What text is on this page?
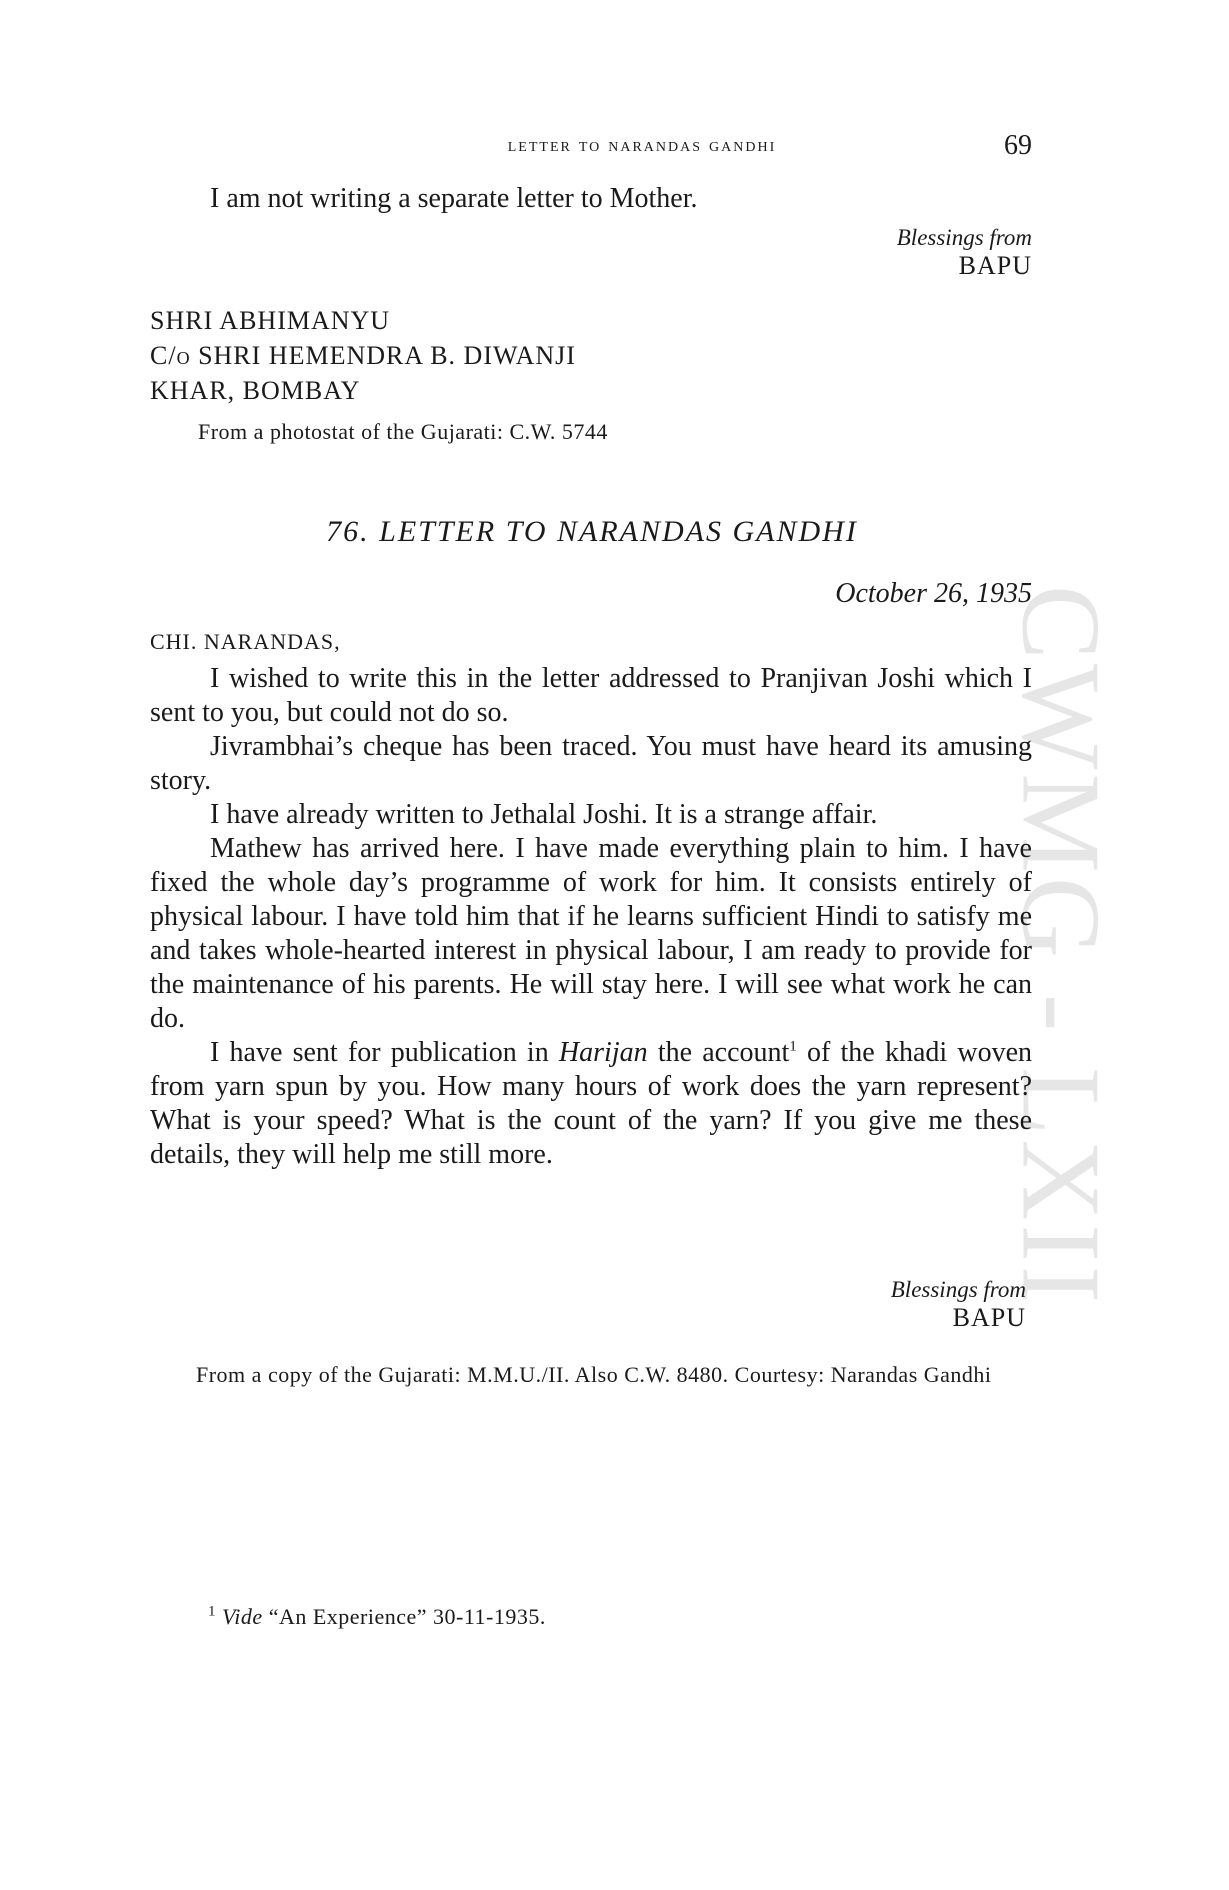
CWMG - LXII
letter to narandas gandhi	69
I am not writing a separate letter to Mother.
Blessings from
BAPU
SHRI ABHIMANYU
C/o SHRI HEMENDRA B. DIWANJI
KHAR, BOMBAY
From a photostat of the Gujarati: C.W. 5744
76. LETTER TO NARANDAS GANDHI
October 26, 1935
CHI. NARANDAS,

I wished to write this in the letter addressed to Pranjivan Joshi which I sent to you, but could not do so.

Jivrambhai’s cheque has been traced. You must have heard its amusing story.

I have already written to Jethalal Joshi. It is a strange affair.

Mathew has arrived here. I have made everything plain to him. I have fixed the whole day’s programme of work for him. It consists entirely of physical labour. I have told him that if he learns sufficient Hindi to satisfy me and takes whole-hearted interest in physical labour, I am ready to provide for the maintenance of his parents. He will stay here. I will see what work he can do.

I have sent for publication in Harijan the account$^1$ of the khadi woven from yarn spun by you. How many hours of work does the yarn represent? What is your speed? What is the count of the yarn? If you give me these details, they will help me still more.

Blessings from
BAPU
From a copy of the Gujarati: M.M.U./II. Also C.W. 8480. Courtesy: Narandas Gandhi
$^1$ Vide “An Experience” 30-11-1935.
